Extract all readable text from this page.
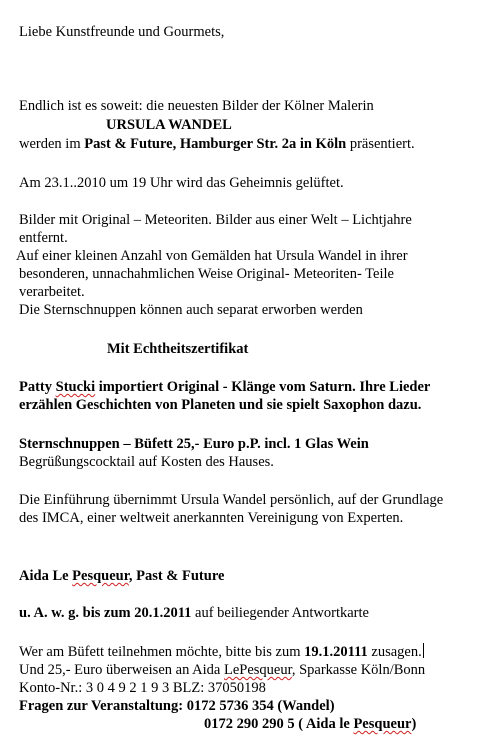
Liebe Kunstfreunde und Gourmets,
Endlich ist es soweit: die neuesten Bilder der Kölner Malerin
URSULA WANDEL
werden im Past & Future, Hamburger Str. 2a in Köln präsentiert.
Am 23.1..2010 um 19 Uhr wird das Geheimnis gelüftet.
Bilder mit Original – Meteoriten. Bilder aus einer Welt – Lichtjahre
entfernt.
Auf einer kleinen Anzahl von Gemälden hat Ursula Wandel in ihrer
besonderen, unnachahmlichen Weise Original- Meteoriten- Teile
verarbeitet.
Die Sternschnuppen können auch separat erworben werden
Mit Echtheitszertifikat
Patty Stucki importiert Original - Klänge vom Saturn. Ihre Lieder
erzählen Geschichten von Planeten und sie spielt Saxophon dazu.
Sternschnuppen – Büfett 25,- Euro p.P. incl. 1 Glas Wein
Begrüßungscocktail auf Kosten des Hauses.
Die Einführung übernimmt Ursula Wandel persönlich, auf der Grundlage
des IMCA, einer weltweit anerkannten Vereinigung von Experten.
Aida Le Pesqueur, Past & Future
u. A. w. g. bis zum 20.1.2011 auf beiliegender Antwortkarte
Wer am Büfett teilnehmen möchte, bitte bis zum 19.1.20111 zusagen.
Und 25,- Euro überweisen an Aida LePesqueur, Sparkasse Köln/Bonn
Konto-Nr.: 3 0 4 9 2 1 9 3 BLZ: 37050198
Fragen zur Veranstaltung: 0172 5736 354 (Wandel)
0172 290 290 5 ( Aida le Pesqueur)
